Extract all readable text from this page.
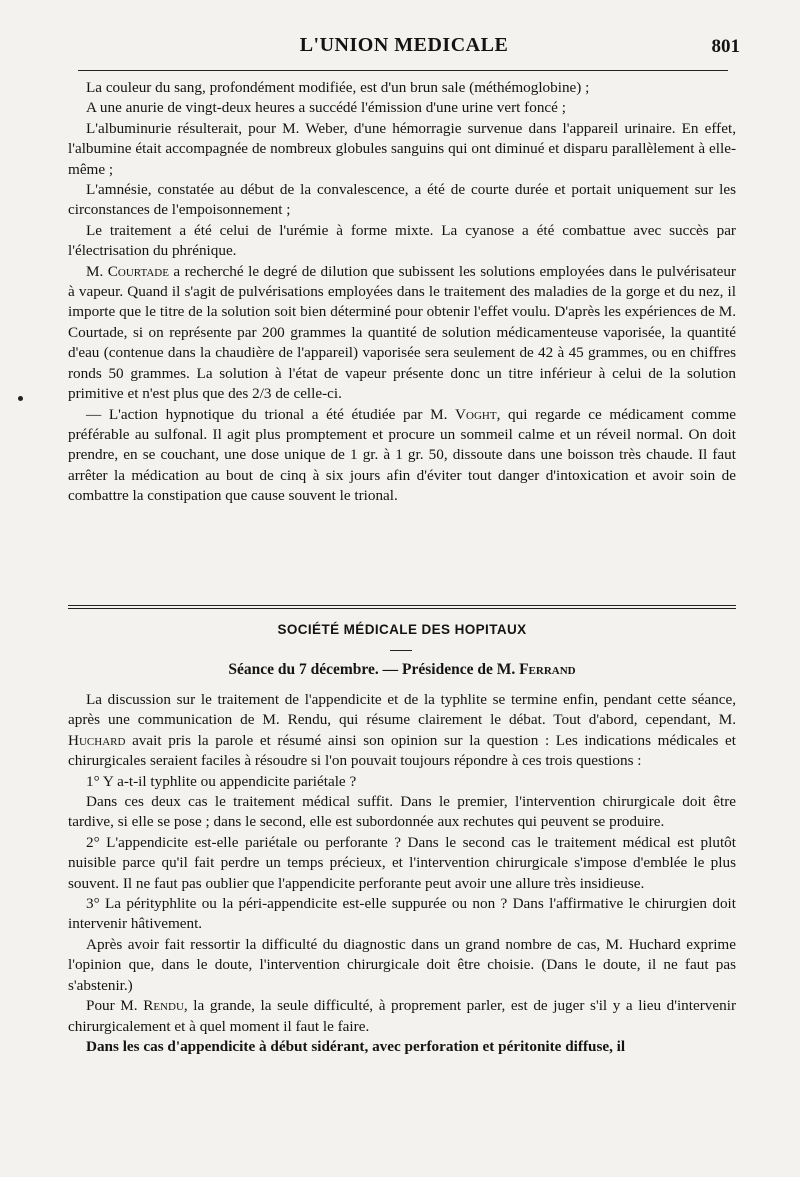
L'UNION MEDICALE	801

La couleur du sang, profondément modifiée, est d'un brun sale (méthémoglobine) ;

A une anurie de vingt-deux heures a succédé l'émission d'une urine vert foncé ;

L'albuminurie résulterait, pour M. Weber, d'une hémorragie survenue dans l'appareil urinaire. En effet, l'albumine était accompagnée de nombreux globules sanguins qui ont diminué et disparu parallèlement à elle-même ;

L'amnésie, constatée au début de la convalescence, a été de courte durée et portait uniquement sur les circonstances de l'empoisonnement ;

Le traitement a été celui de l'urémie à forme mixte. La cyanose a été combattue avec succès par l'électrisation du phrénique.

M. Courtade a recherché le degré de dilution que subissent les solutions employées dans le pulvérisateur à vapeur. Quand il s'agit de pulvérisations employées dans le traitement des maladies de la gorge et du nez, il importe que le titre de la solution soit bien déterminé pour obtenir l'effet voulu. D'après les expériences de M. Courtade, si on représente par 200 grammes la quantité de solution médicamenteuse vaporisée, la quantité d'eau (contenue dans la chaudière de l'appareil) vaporisée sera seulement de 42 à 45 grammes, ou en chiffres ronds 50 grammes. La solution à l'état de vapeur présente donc un titre inférieur à celui de la solution primitive et n'est plus que des 2/3 de celle-ci.

— L'action hypnotique du trional a été étudiée par M. Voght, qui regarde ce médicament comme préférable au sulfonal. Il agit plus promptement et procure un sommeil calme et un réveil normal. On doit prendre, en se couchant, une dose unique de 1 gr. à 1 gr. 50, dissoute dans une boisson très chaude. Il faut arrêter la médication au bout de cinq à six jours afin d'éviter tout danger d'intoxication et avoir soin de combattre la constipation que cause souvent le trional.

SOCIÉTÉ MÉDICALE DES HOPITAUX
Séance du 7 décembre. — Présidence de M. Ferrand

La discussion sur le traitement de l'appendicite et de la typhlite se termine enfin, pendant cette séance, après une communication de M. Rendu, qui résume clairement le débat. Tout d'abord, cependant, M. Huchard avait pris la parole et résumé ainsi son opinion sur la question : Les indications médicales et chirurgicales seraient faciles à résoudre si l'on pouvait toujours répondre à ces trois questions :

1° Y a-t-il typhlite ou appendicite pariétale ?

Dans ces deux cas le traitement médical suffit. Dans le premier, l'intervention chirurgicale doit être tardive, si elle se pose ; dans le second, elle est subordonnée aux rechutes qui peuvent se produire.

2° L'appendicite est-elle pariétale ou perforante ? Dans le second cas le traitement médical est plutôt nuisible parce qu'il fait perdre un temps précieux, et l'intervention chirurgicale s'impose d'emblée le plus souvent. Il ne faut pas oublier que l'appendicite perforante peut avoir une allure très insidieuse.

3° La pérityphlite ou la péri-appendicite est-elle suppurée ou non ? Dans l'affirmative le chirurgien doit intervenir hâtivement.

Après avoir fait ressortir la difficulté du diagnostic dans un grand nombre de cas, M. Huchard exprime l'opinion que, dans le doute, l'intervention chirurgicale doit être choisie. (Dans le doute, il ne faut pas s'abstenir.)

Pour M. Rendu, la grande, la seule difficulté, à proprement parler, est de juger s'il y a lieu d'intervenir chirurgicalement et à quel moment il faut le faire.

Dans les cas d'appendicite à début sidérant, avec perforation et péritonite diffuse, il
